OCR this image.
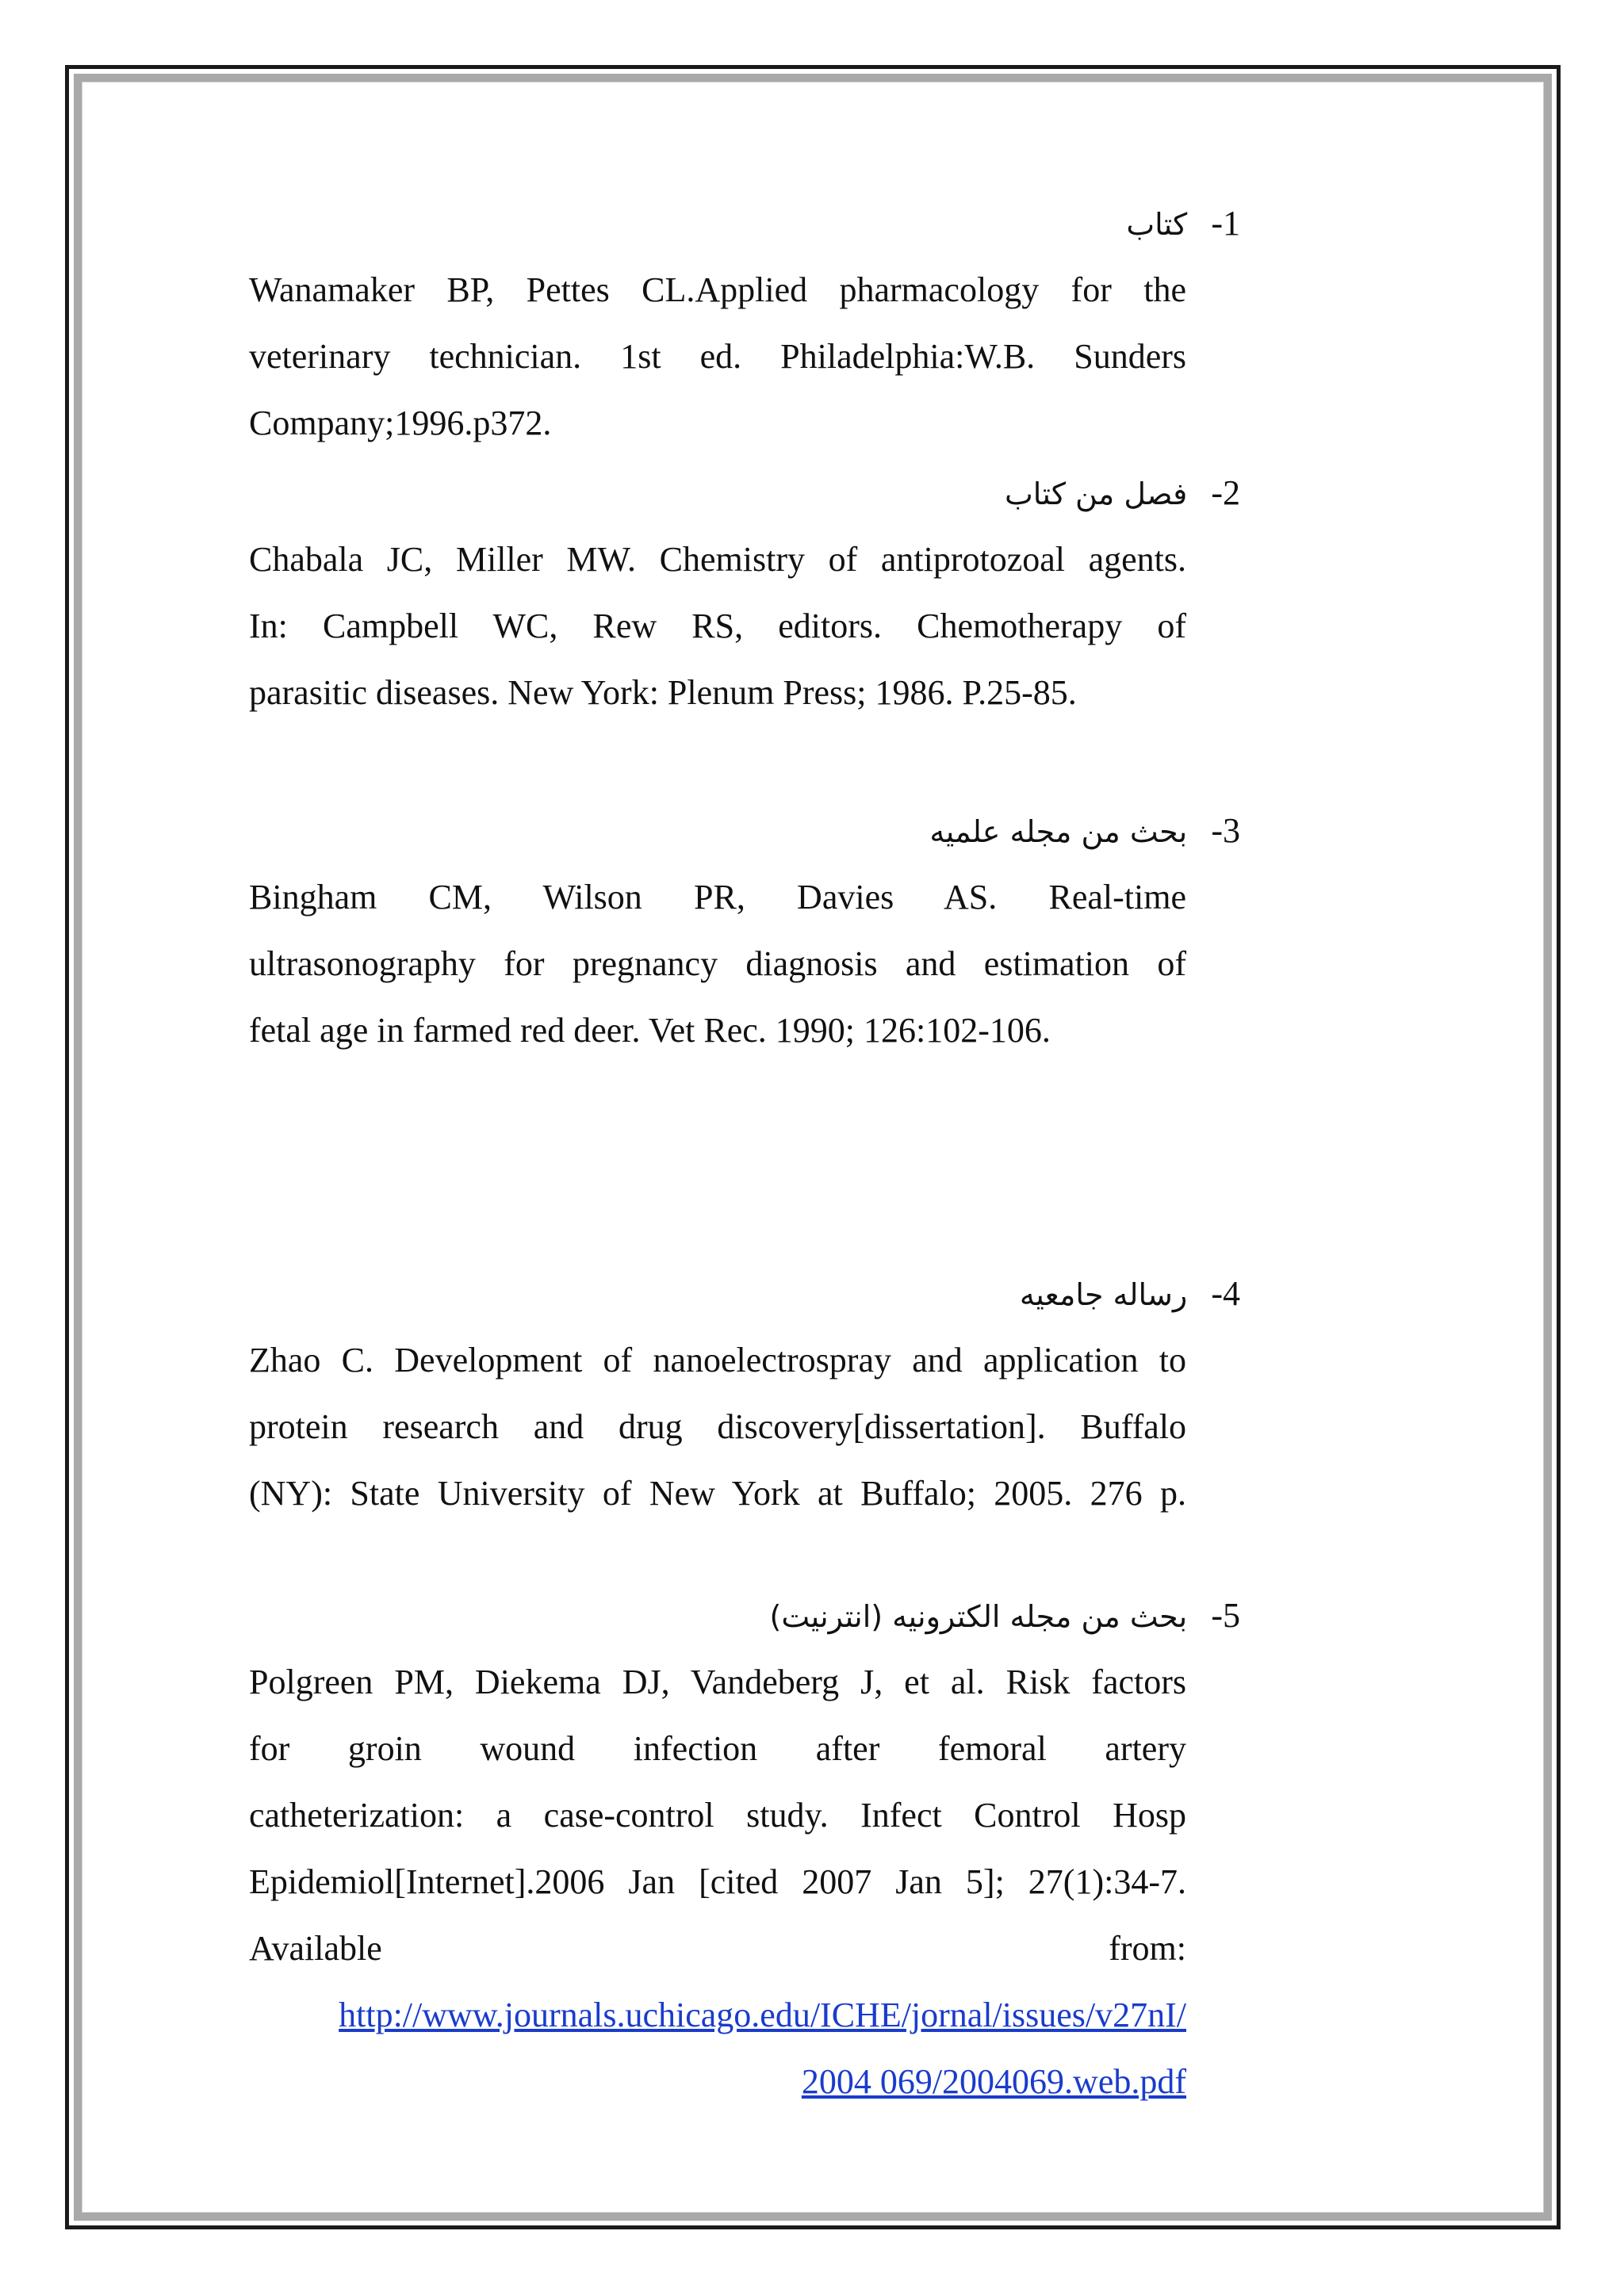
1- كتاب

Wanamaker BP, Pettes CL.Applied pharmacology for the
veterinary technician. 1st ed. Philadelphia:W.B. Sunders
Company;1996.p372.

2- فصل من كتاب

Chabala JC, Miller MW. Chemistry of antiprotozoal agents.
In: Campbell WC, Rew RS, editors. Chemotherapy of
parasitic diseases. New York: Plenum Press; 1986. P.25-85.

3- بحث من مجله علميه

Bingham CM, Wilson PR, Davies AS. Real-time
ultrasonography for pregnancy diagnosis and estimation of
fetal age in farmed red deer. Vet Rec. 1990; 126:102-106.

4- رساله جامعيه

Zhao C. Development of nanoelectrospray and application to
protein research and drug discovery[dissertation]. Buffalo
(NY): State University of New York at Buffalo; 2005. 276 p.

5- بحث من مجله الكترونيه (انترنيت)

Polgreen PM, Diekema DJ, Vandeberg J, et al. Risk factors
for groin wound infection after femoral artery
catheterization: a case-control study. Infect Control Hosp
Epidemiol[Internet].2006 Jan [cited 2007 Jan 5]; 27(1):34-7.

Available	from:
http://www.journals.uchicago.edu/ICHE/jornal/issues/v27nI/
2004 069/2004069.web.pdf
